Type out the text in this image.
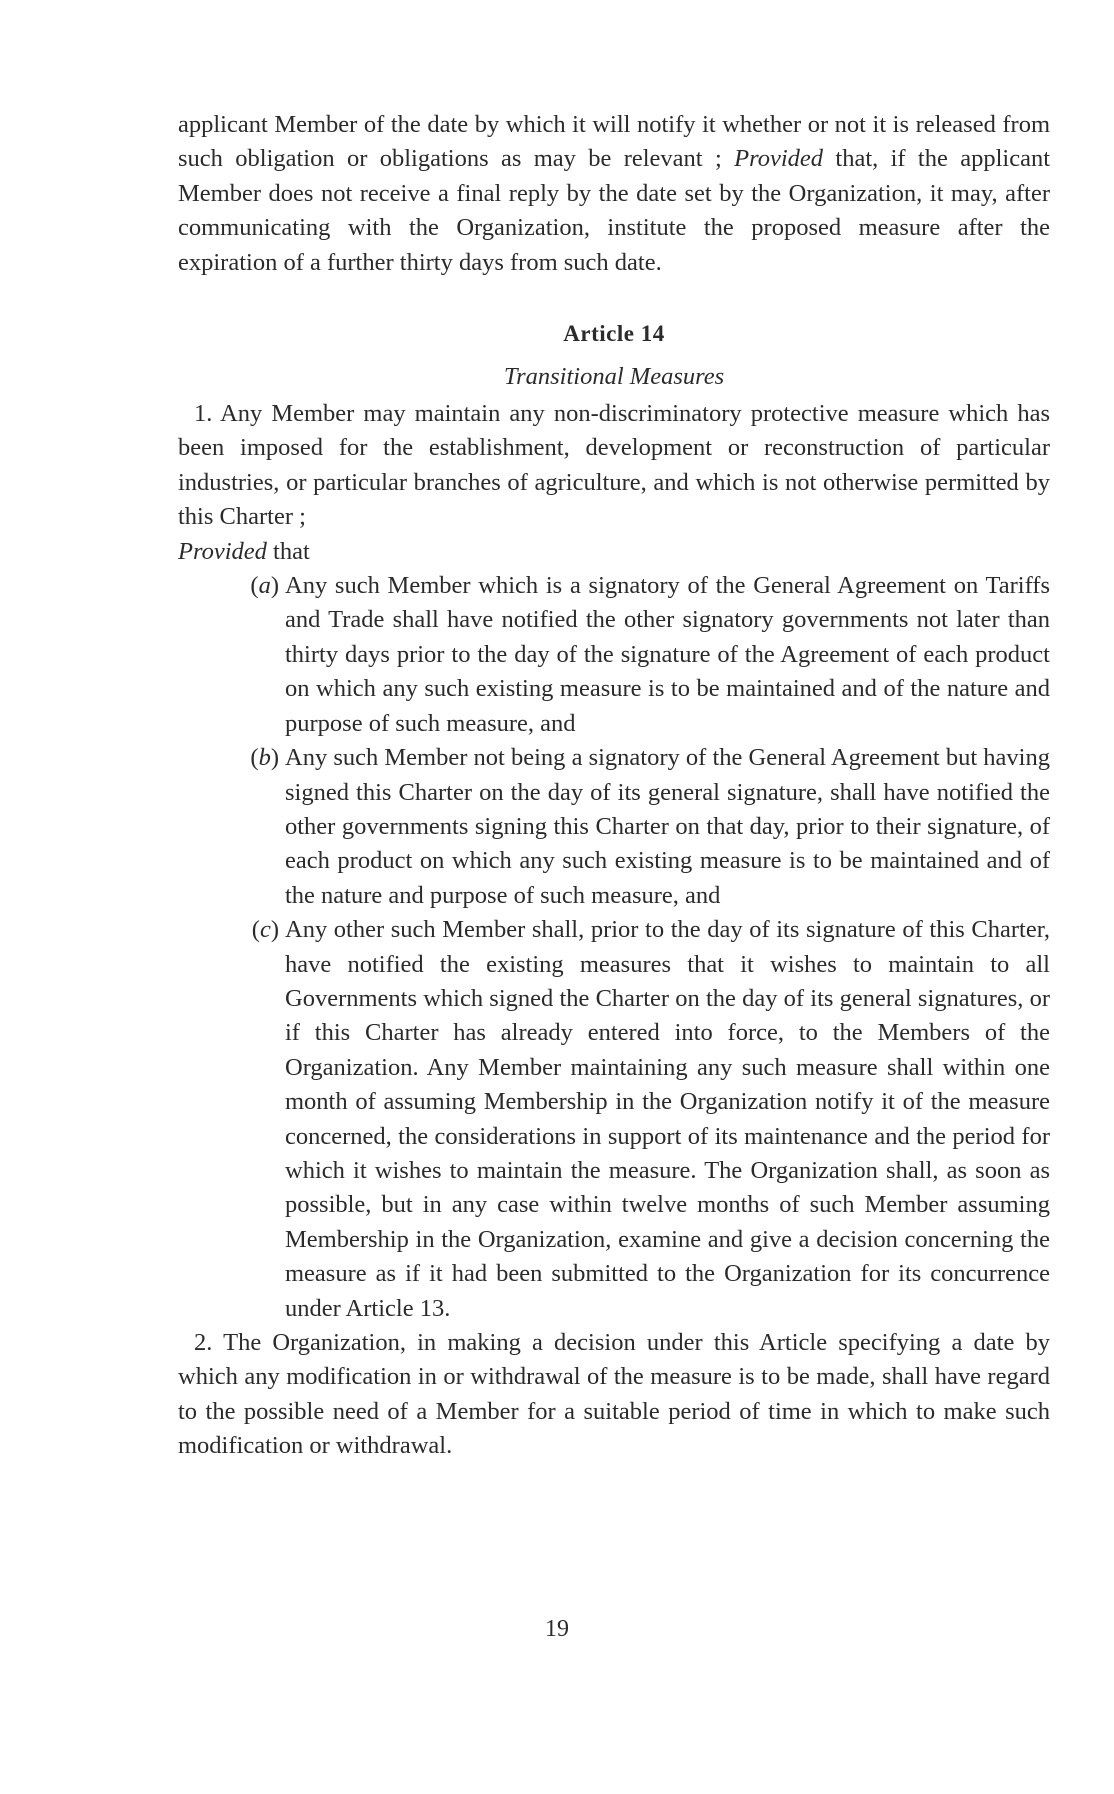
applicant Member of the date by which it will notify it whether or not it is released from such obligation or obligations as may be relevant ; Provided that, if the applicant Member does not receive a final reply by the date set by the Organization, it may, after communicating with the Organization, institute the proposed measure after the expiration of a further thirty days from such date.

Article 14
Transitional Measures

1. Any Member may maintain any non-discriminatory protective measure which has been imposed for the establishment, development or reconstruction of particular industries, or particular branches of agriculture, and which is not otherwise permitted by this Charter ;

Provided that

(a) Any such Member which is a signatory of the General Agreement on Tariffs and Trade shall have notified the other signatory governments not later than thirty days prior to the day of the signature of the Agreement of each product on which any such existing measure is to be maintained and of the nature and purpose of such measure, and
(b) Any such Member not being a signatory of the General Agreement but having signed this Charter on the day of its general signature, shall have notified the other governments signing this Charter on that day, prior to their signature, of each product on which any such existing measure is to be maintained and of the nature and purpose of such measure, and
(c) Any other such Member shall, prior to the day of its signature of this Charter, have notified the existing measures that it wishes to maintain to all Governments which signed the Charter on the day of its general signatures, or if this Charter has already entered into force, to the Members of the Organization. Any Member maintaining any such measure shall within one month of assuming Membership in the Organization notify it of the measure concerned, the considerations in support of its maintenance and the period for which it wishes to maintain the measure. The Organization shall, as soon as possible, but in any case within twelve months of such Member assuming Membership in the Organization, examine and give a decision concerning the measure as if it had been submitted to the Organization for its concurrence under Article 13.

2. The Organization, in making a decision under this Article specifying a date by which any modification in or withdrawal of the measure is to be made, shall have regard to the possible need of a Member for a suitable period of time in which to make such modification or withdrawal.

19
